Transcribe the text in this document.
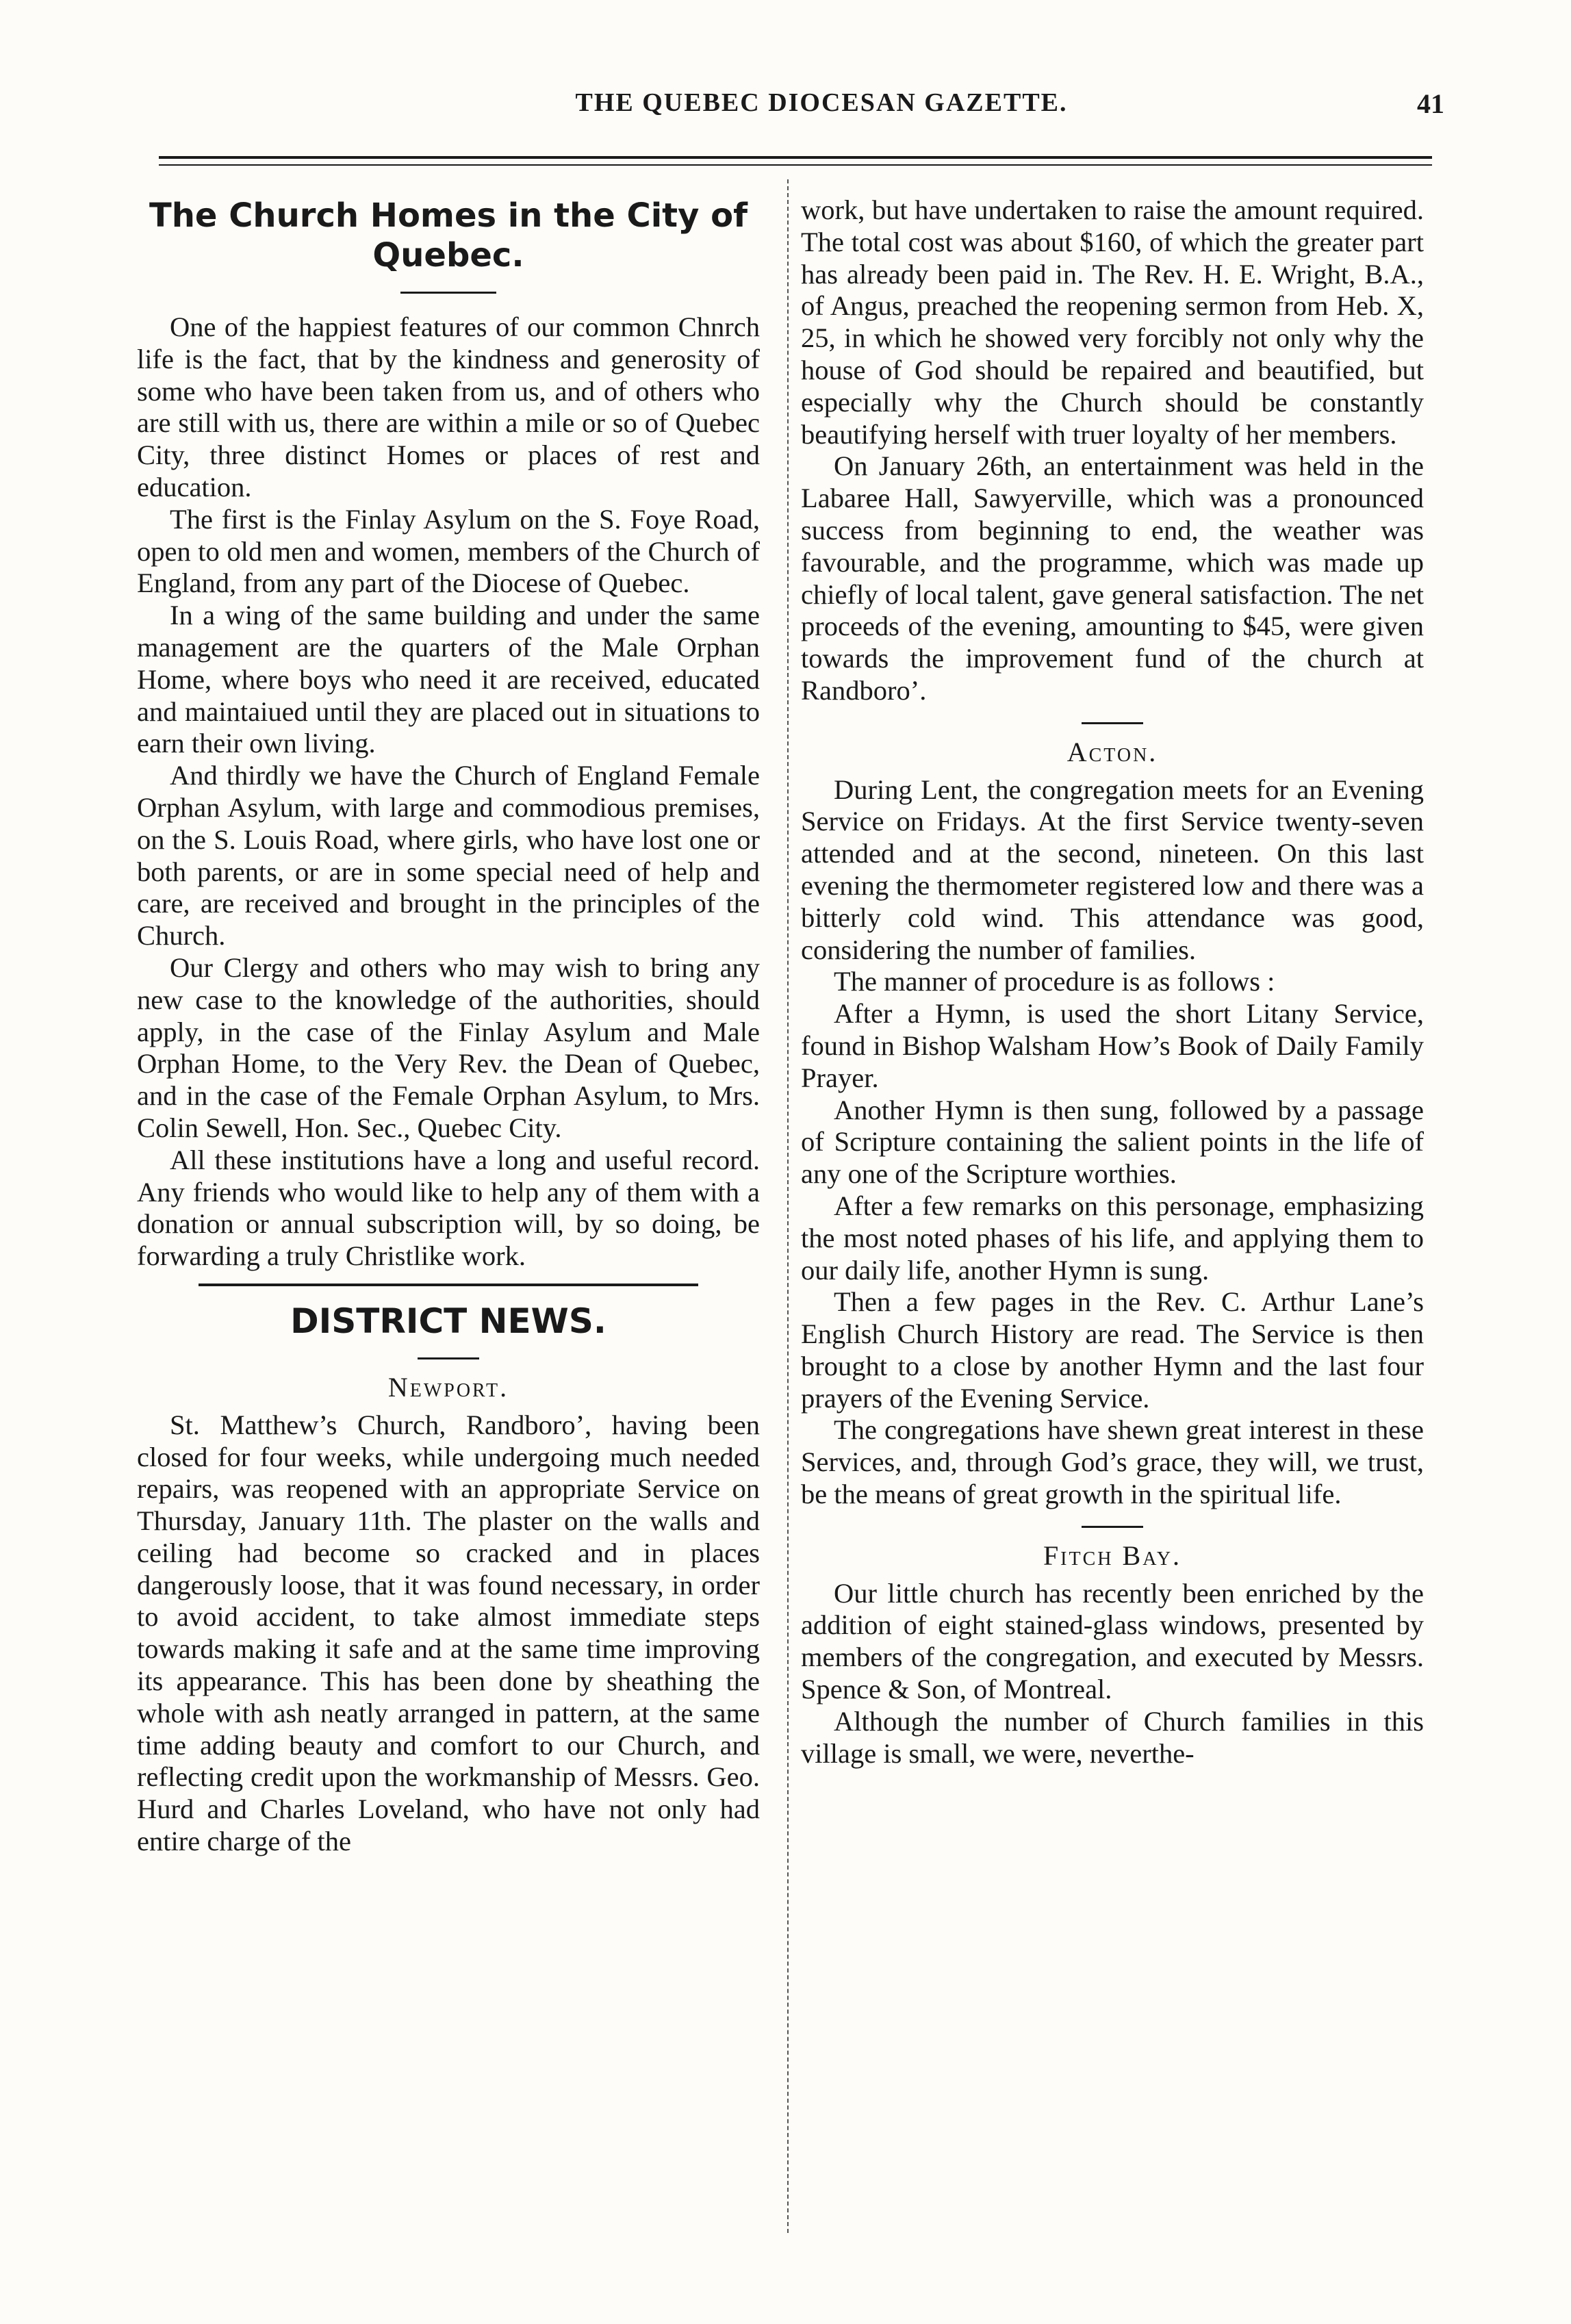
THE QUEBEC DIOCESAN GAZETTE.	41
The Church Homes in the City of Quebec.

One of the happiest features of our common Chnrch life is the fact, that by the kindness and generosity of some who have been taken from us, and of others who are still with us, there are within a mile or so of Quebec City, three distinct Homes or places of rest and education.

The first is the Finlay Asylum on the S. Foye Road, open to old men and women, members of the Church of England, from any part of the Diocese of Quebec.

In a wing of the same building and under the same management are the quarters of the Male Orphan Home, where boys who need it are received, educated and maintaiued until they are placed out in situations to earn their own living.

And thirdly we have the Church of England Female Orphan Asylum, with large and commodious premises, on the S. Louis Road, where girls, who have lost one or both parents, or are in some special need of help and care, are received and brought in the principles of the Church.

Our Clergy and others who may wish to bring any new case to the knowledge of the authorities, should apply, in the case of the Finlay Asylum and Male Orphan Home, to the Very Rev. the Dean of Quebec, and in the case of the Female Orphan Asylum, to Mrs. Colin Sewell, Hon. Sec., Quebec City.

All these institutions have a long and useful record. Any friends who would like to help any of them with a donation or annual subscription will, by so doing, be forwarding a truly Christlike work.

DISTRICT NEWS.
Newport.

St. Matthew’s Church, Randboro’, having been closed for four weeks, while undergoing much needed repairs, was reopened with an appropriate Service on Thursday, January 11th. The plaster on the walls and ceiling had become so cracked and in places dangerously loose, that it was found necessary, in order to avoid accident, to take almost immediate steps towards making it safe and at the same time improving its appearance. This has been done by sheathing the whole with ash neatly arranged in pattern, at the same time adding beauty and comfort to our Church, and reflecting credit upon the workmanship of Messrs. Geo. Hurd and Charles Loveland, who have not only had entire charge of the

work, but have undertaken to raise the amount required. The total cost was about $160, of which the greater part has already been paid in. The Rev. H. E. Wright, B.A., of Angus, preached the reopening sermon from Heb. X, 25, in which he showed very forcibly not only why the house of God should be repaired and beautified, but especially why the Church should be constantly beautifying herself with truer loyalty of her members.

On January 26th, an entertainment was held in the Labaree Hall, Sawyerville, which was a pronounced success from beginning to end, the weather was favourable, and the programme, which was made up chiefly of local talent, gave general satisfaction. The net proceeds of the evening, amounting to $45, were given towards the improvement fund of the church at Randboro’.

Acton.

During Lent, the congregation meets for an Evening Service on Fridays. At the first Service twenty-seven attended and at the second, nineteen. On this last evening the thermometer registered low and there was a bitterly cold wind. This attendance was good, considering the number of families.

The manner of procedure is as follows :

After a Hymn, is used the short Litany Service, found in Bishop Walsham How’s Book of Daily Family Prayer.

Another Hymn is then sung, followed by a passage of Scripture containing the salient points in the life of any one of the Scripture worthies.

After a few remarks on this personage, emphasizing the most noted phases of his life, and applying them to our daily life, another Hymn is sung.

Then a few pages in the Rev. C. Arthur Lane’s English Church History are read. The Service is then brought to a close by another Hymn and the last four prayers of the Evening Service.

The congregations have shewn great interest in these Services, and, through God’s grace, they will, we trust, be the means of great growth in the spiritual life.

Fitch Bay.

Our little church has recently been enriched by the addition of eight stained-glass windows, presented by members of the congregation, and executed by Messrs. Spence & Son, of Montreal.

Although the number of Church families in this village is small, we were, neverthe-
